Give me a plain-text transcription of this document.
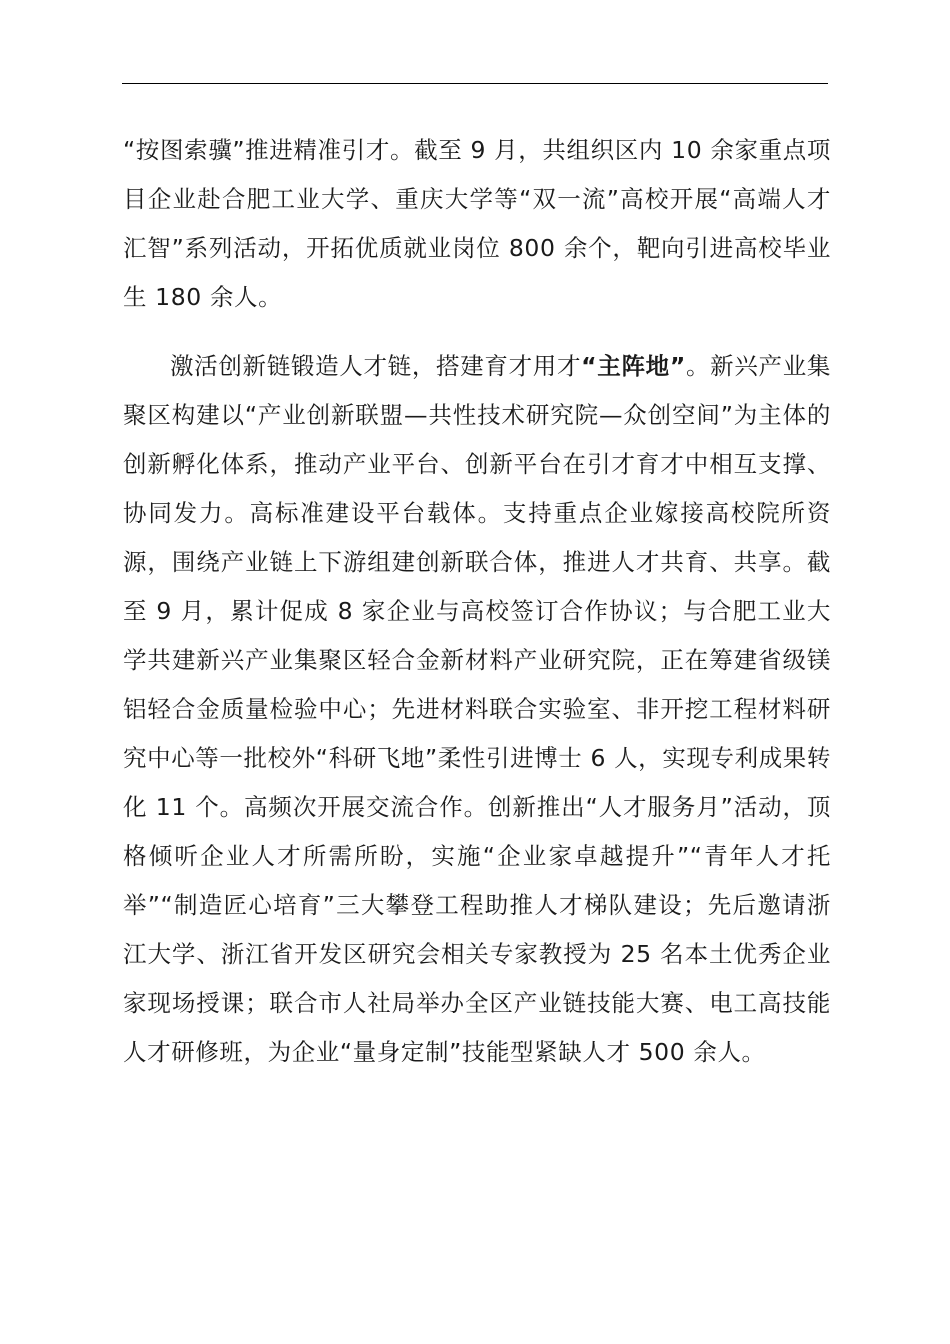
“按图索骥”推进精准引才。截至 9 月，共组织区内 10 余家重点项目企业赴合肥工业大学、重庆大学等“双一流”高校开展“高端人才汇智”系列活动，开拓优质就业岗位 800 余个，靶向引进高校毕业生 180 余人。

激活创新链锻造人才链，搭建育才用才“主阵地”。新兴产业集聚区构建以“产业创新联盟—共性技术研究院—众创空间”为主体的创新孵化体系，推动产业平台、创新平台在引才育才中相互支撑、协同发力。高标准建设平台载体。支持重点企业嫁接高校院所资源，围绕产业链上下游组建创新联合体，推进人才共育、共享。截至 9 月，累计促成 8 家企业与高校签订合作协议；与合肥工业大学共建新兴产业集聚区轻合金新材料产业研究院，正在筹建省级镁铝轻合金质量检验中心；先进材料联合实验室、非开挖工程材料研究中心等一批校外“科研飞地”柔性引进博士 6 人，实现专利成果转化 11 个。高频次开展交流合作。创新推出“人才服务月”活动，顶格倾听企业人才所需所盼，实施“企业家卓越提升”“青年人才托举”“制造匠心培育”三大攀登工程助推人才梯队建设；先后邀请浙江大学、浙江省开发区研究会相关专家教授为 25 名本土优秀企业家现场授课；联合市人社局举办全区产业链技能大赛、电工高技能人才研修班，为企业“量身定制”技能型紧缺人才 500 余人。
